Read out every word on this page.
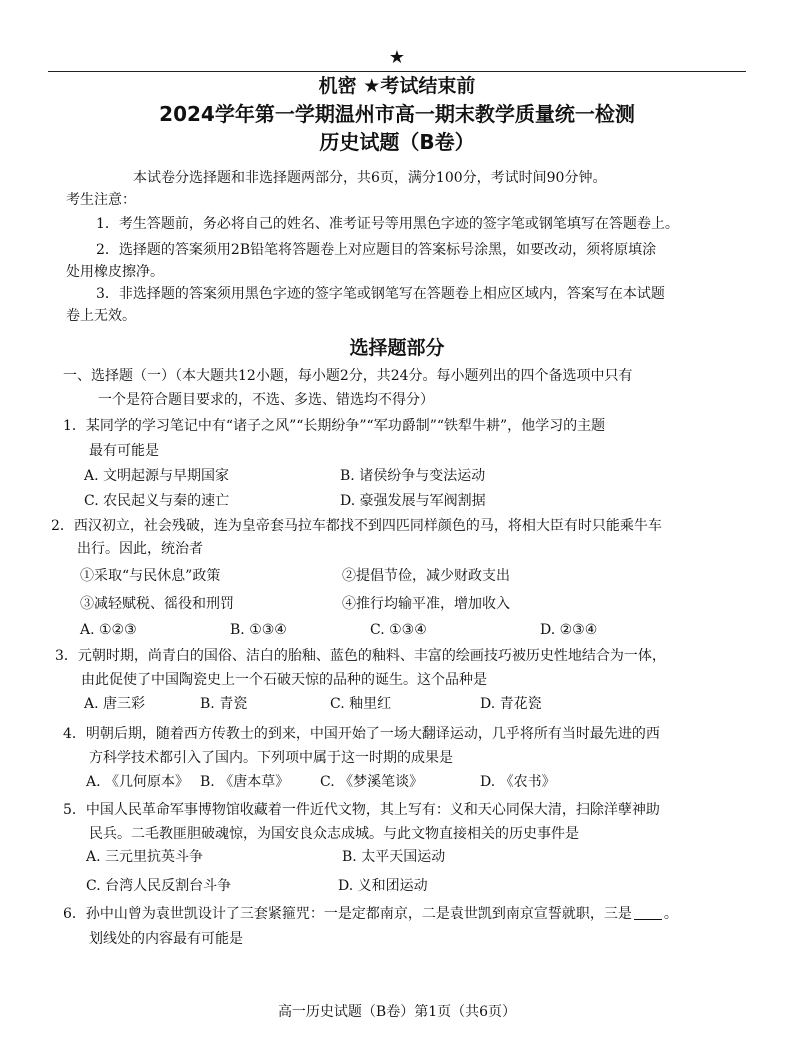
★
机密 ★考试结束前
2024学年第一学期温州市高一期末教学质量统一检测
历史试题（B卷）
本试卷分选择题和非选择题两部分，共6页，满分100分，考试时间90分钟。
考生注意：
1．考生答题前，务必将自己的姓名、准考证号等用黑色字迹的签字笔或钢笔填写在答题卷上。
2．选择题的答案须用2B铅笔将答题卷上对应题目的答案标号涂黑，如要改动，须将原填涂
处用橡皮擦净。
3．非选择题的答案须用黑色字迹的签字笔或钢笔写在答题卷上相应区域内，答案写在本试题
卷上无效。
选择题部分
一、选择题（一）（本大题共12小题，每小题2分，共24分。每小题列出的四个备选项中只有
一个是符合题目要求的，不选、多选、错选均不得分）
1．某同学的学习笔记中有“诸子之风”“长期纷争”“军功爵制”“铁犁牛耕”，他学习的主题
最有可能是
A. 文明起源与早期国家	B. 诸侯纷争与变法运动
C. 农民起义与秦的速亡	D. 豪强发展与军阀割据
2．西汉初立，社会残破，连为皇帝套马拉车都找不到四匹同样颜色的马，将相大臣有时只能乘牛车
出行。因此，统治者
①采取“与民休息”政策	②提倡节俭，减少财政支出
③减轻赋税、徭役和刑罚	④推行均输平准，增加收入
A. ①②③	B. ①③④	C. ①③④	D. ②③④
3．元朝时期，尚青白的国俗、洁白的胎釉、蓝色的釉料、丰富的绘画技巧被历史性地结合为一体，
由此促使了中国陶瓷史上一个石破天惊的品种的诞生。这个品种是
A. 唐三彩	B. 青瓷	C. 釉里红	D. 青花瓷
4．明朝后期，随着西方传教士的到来，中国开始了一场大翻译运动，几乎将所有当时最先进的西
方科学技术都引入了国内。下列项中属于这一时期的成果是
A. 《几何原本》 B. 《唐本草》 C. 《梦溪笔谈》	D. 《农书》
5．中国人民革命军事博物馆收藏着一件近代文物，其上写有：义和天心同保大清，扫除洋孽神助
民兵。二毛教匪胆破魂惊，为国安良众志成城。与此文物直接相关的历史事件是
A. 三元里抗英斗争	B. 太平天国运动
C. 台湾人民反割台斗争	D. 义和团运动
6．孙中山曾为袁世凯设计了三套紧箍咒：一是定都南京，二是袁世凯到南京宣誓就职，三是 。
划线处的内容最有可能是
高一历史试题（B卷）第1页（共6页）
